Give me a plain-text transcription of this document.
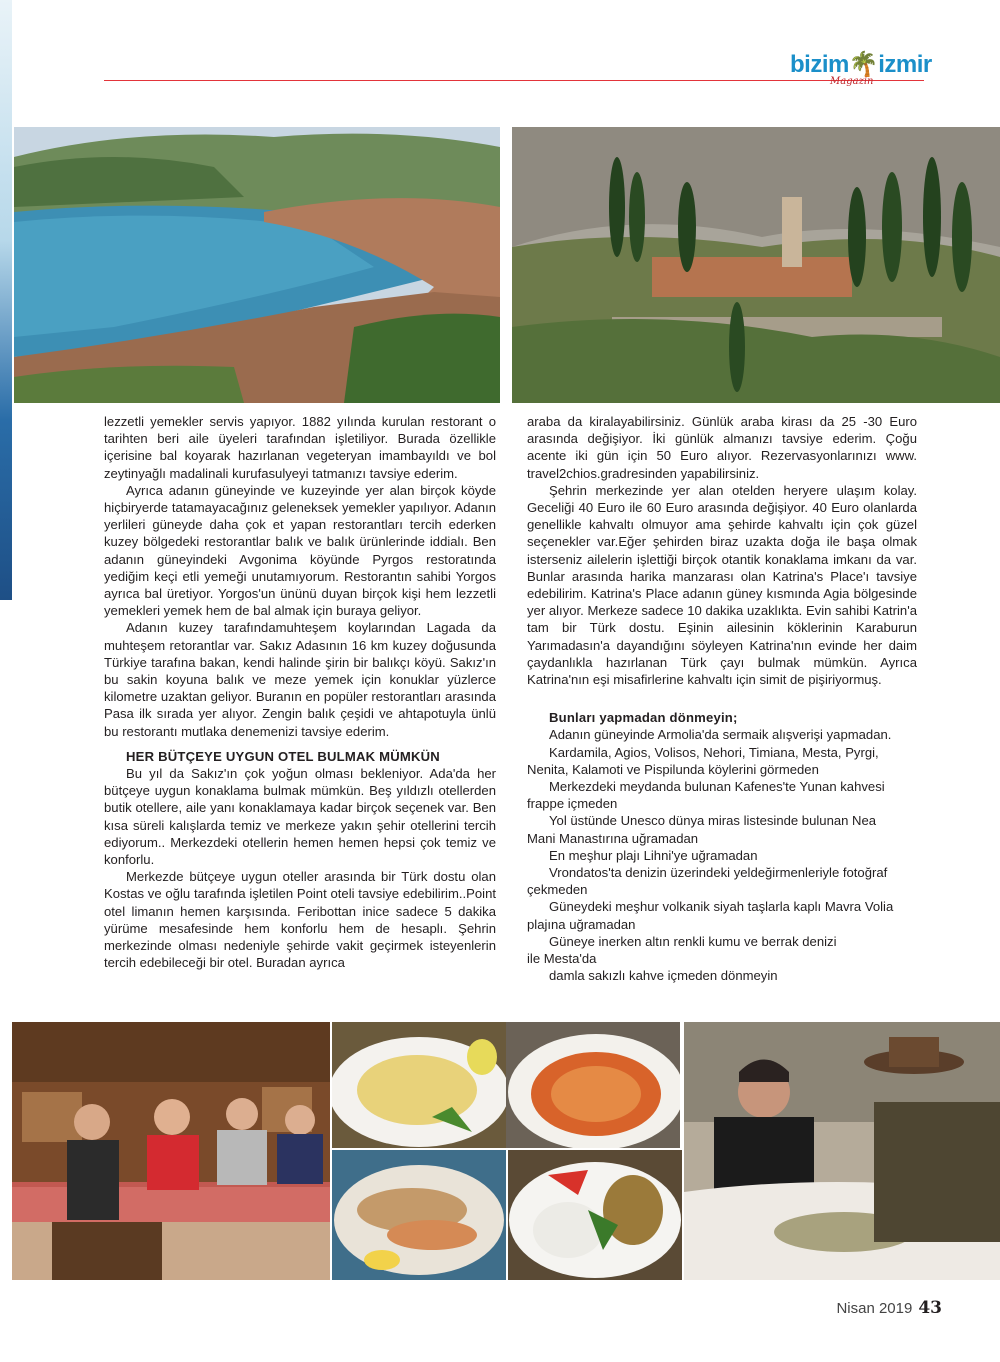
bizim🌴izmir
Magazin

lezzetli yemekler servis yapıyor. 1882 yılında kurulan restorant o tarihten beri aile üyeleri tarafından işletiliyor. Burada özellikle içerisine bal koyarak hazırlanan vegeteryan imambayıldı ve bol zeytinyağlı madalinali kurufasulyeyi tatmanızı tavsiye ederim.

Ayrıca adanın güneyinde ve kuzeyinde yer alan birçok köyde hiçbiryerde tatamayacağınız geleneksek yemekler yapılıyor. Adanın yerlileri güneyde daha çok et yapan restorantları tercih ederken kuzey bölgedeki restorantlar balık ve balık ürünlerinde iddialı. Ben adanın güneyindeki Avgonima köyünde Pyrgos restoratında yediğim keçi etli yemeği unutamıyorum. Restorantın sahibi Yorgos ayrıca bal üretiyor. Yorgos'un ününü duyan birçok kişi hem lezzetli yemekleri yemek hem de bal almak için buraya geliyor.

Adanın kuzey tarafındamuhteşem koylarından Lagada da muhteşem retorantlar var. Sakız Adasının 16 km kuzey doğusunda Türkiye tarafına bakan, kendi halinde şirin bir balıkçı köyü. Sakız'ın bu sakin koyuna balık ve meze yemek için konuklar yüzlerce kilometre uzaktan geliyor. Buranın en popüler restorantları arasında Pasa ilk sırada yer alıyor. Zengin balık çeşidi ve ahtapotuyla ünlü bu restorantı mutlaka denemenizi tavsiye ederim.

HER BÜTÇEYE UYGUN OTEL BULMAK MÜMKÜN

Bu yıl da Sakız'ın çok yoğun olması bekleniyor. Ada'da her bütçeye uygun konaklama bulmak mümkün. Beş yıldızlı otellerden butik otellere, aile yanı konaklamaya kadar birçok seçenek var. Ben kısa süreli kalışlarda temiz ve merkeze yakın şehir otellerini tercih ediyorum.. Merkezdeki otellerin hemen hemen hepsi çok temiz ve konforlu.

Merkezde bütçeye uygun oteller arasında bir Türk dostu olan Kostas ve oğlu tarafında işletilen Point oteli tavsiye edebilirim..Point otel limanın hemen karşısında. Feribottan inice sadece 5 dakika yürüme mesafesinde hem konforlu hem de hesaplı. Şehrin merkezinde olması nedeniyle şehirde vakit geçirmek isteyenlerin tercih edebileceği bir otel. Buradan ayrıca

araba da kiralayabilirsiniz. Günlük araba kirası da 25 -30 Euro arasında değişiyor. İki günlük almanızı tavsiye ederim. Çoğu acente iki gün için 50 Euro alıyor. Rezervasyonlarınızı www. travel2chios.gradresinden yapabilirsiniz.

Şehrin merkezinde yer alan otelden heryere ulaşım kolay. Geceliği 40 Euro ile 60 Euro arasında değişiyor. 40 Euro olanlarda genellikle kahvaltı olmuyor ama şehirde kahvaltı için çok güzel seçenekler var.Eğer şehirden biraz uzakta doğa ile başa olmak isterseniz ailelerin işlettiği birçok otantik konaklama imkanı da var. Bunlar arasında harika manzarası olan Katrina's Place'ı tavsiye edebilirim. Katrina's Place adanın güney kısmında Agia bölgesinde yer alıyor. Merkeze sadece 10 dakika uzaklıkta. Evin sahibi Katrin'a tam bir Türk dostu. Eşinin ailesinin köklerinin Karaburun Yarımadasın'a dayandığını söyleyen Katrina'nın evinde her daim çaydanlıkla hazırlanan Türk çayı bulmak mümkün. Ayrıca Katrina'nın eşi misafirlerine kahvaltı için simit de pişiriyormuş.

Bunları yapmadan dönmeyin;

Adanın güneyinde Armolia'da sermaik alışverişi yapmadan.

Kardamila, Agios, Volisos, Nehori, Timiana, Mesta, Pyrgi,

Nenita, Kalamoti ve Pispilunda köylerini görmeden

Merkezdeki meydanda bulunan Kafenes'te Yunan kahvesi

frappe içmeden

Yol üstünde Unesco dünya miras listesinde bulunan Nea

Mani Manastırına uğramadan

En meşhur plajı Lihni'ye uğramadan

Vrondatos'ta denizin üzerindeki yeldeğirmenleriyle fotoğraf

çekmeden

Güneydeki meşhur volkanik siyah taşlarla kaplı Mavra Volia

plajına uğramadan

Güneye inerken altın renkli kumu ve berrak denizi

ile Mesta'da

damla sakızlı kahve içmeden dönmeyin

Nisan 2019 43
